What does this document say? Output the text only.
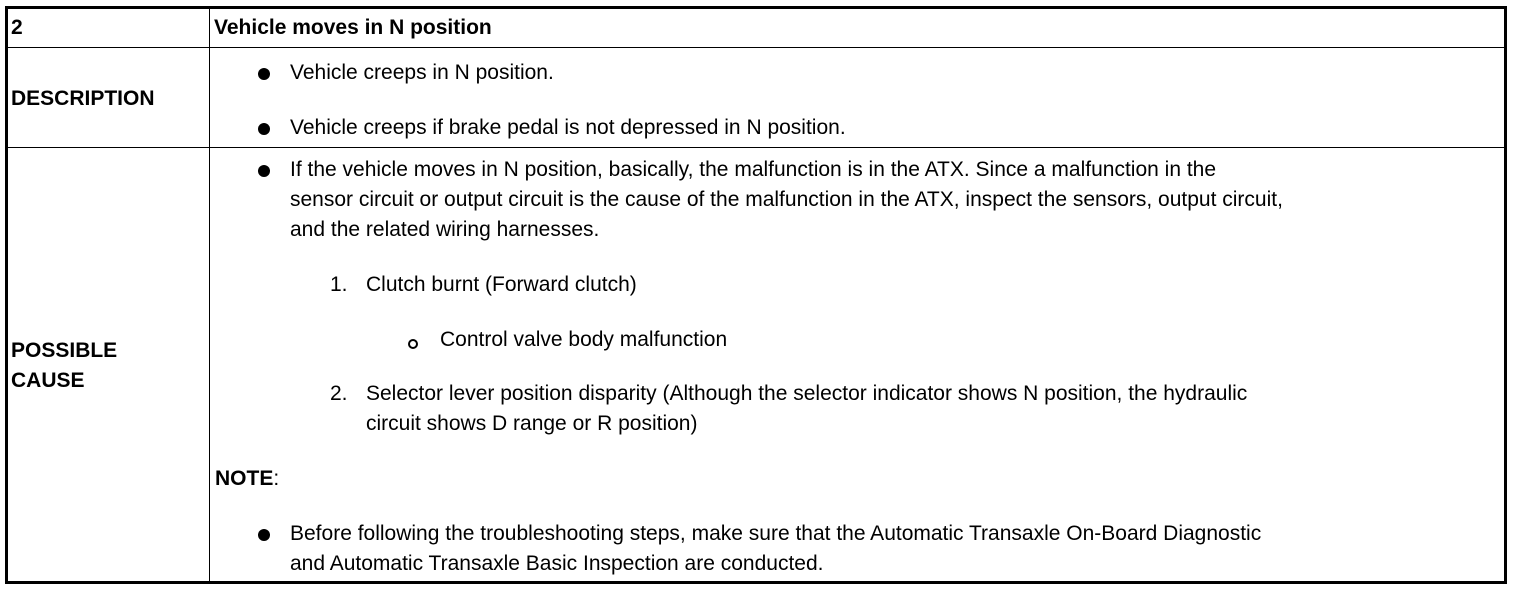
2	Vehicle moves in N position
DESCRIPTION
Vehicle creeps in N position.
Vehicle creeps if brake pedal is not depressed in N position.
POSSIBLE
CAUSE
If the vehicle moves in N position, basically, the malfunction is in the ATX. Since a malfunction in the
sensor circuit or output circuit is the cause of the malfunction in the ATX, inspect the sensors, output circuit,
and the related wiring harnesses.
1. Clutch burnt (Forward clutch)
Control valve body malfunction
2. Selector lever position disparity (Although the selector indicator shows N position, the hydraulic
circuit shows D range or R position)
NOTE:
Before following the troubleshooting steps, make sure that the Automatic Transaxle On-Board Diagnostic
and Automatic Transaxle Basic Inspection are conducted.
